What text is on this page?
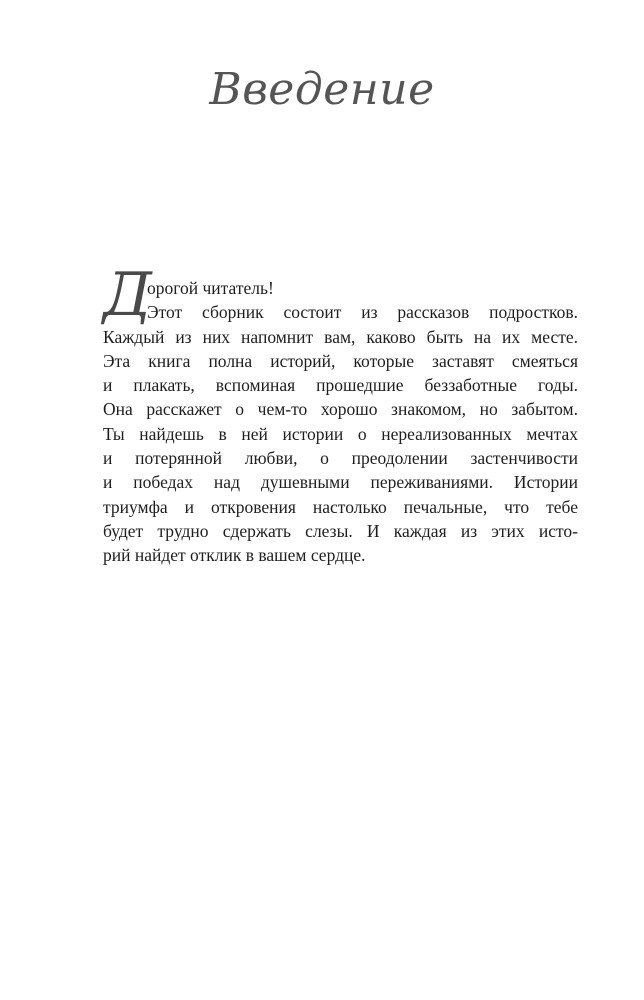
Введение
Д
орогой читатель!
Этот сборник состоит из рассказов подростков.
Каждый из них напомнит вам, каково быть на их месте.
Эта книга полна историй, которые заставят смеяться
и плакать, вспоминая прошедшие беззаботные годы.
Она расскажет о чем-то хорошо знакомом, но забытом.
Ты найдешь в ней истории о нереализованных мечтах
и потерянной любви, о преодолении застенчивости
и победах над душевными переживаниями. Истории
триумфа и откровения настолько печальные, что тебе
будет трудно сдержать слезы. И каждая из этих исто-
рий найдет отклик в вашем сердце.
